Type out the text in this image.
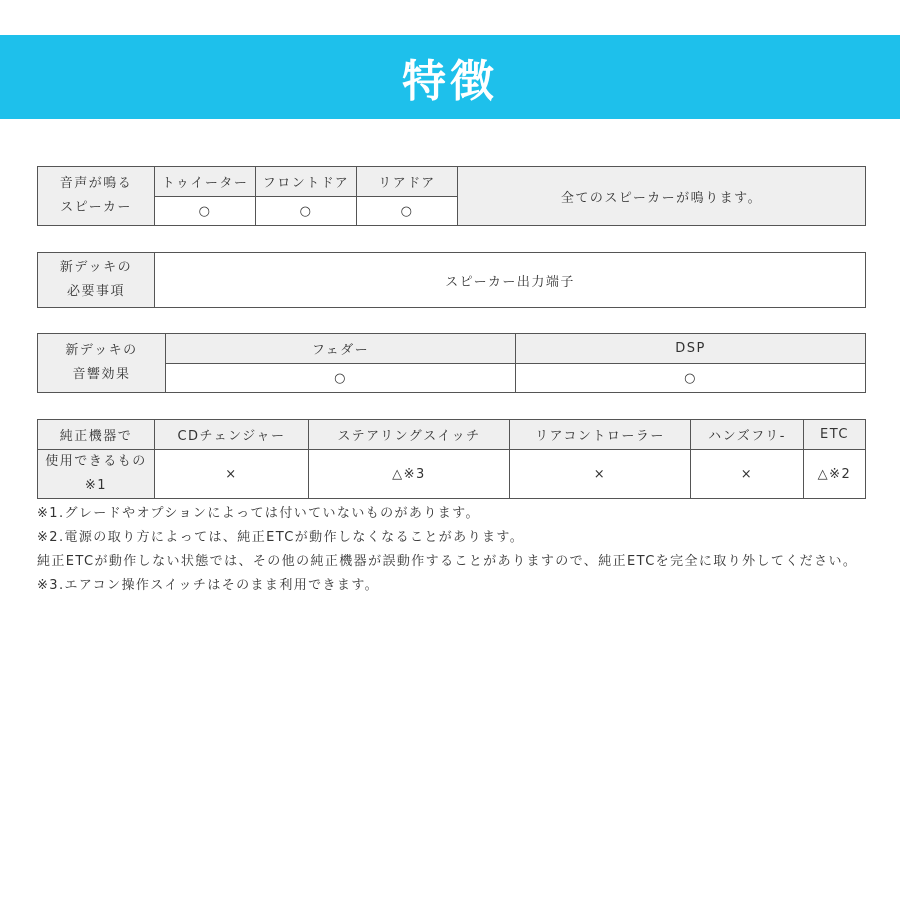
特徴
音声が鳴る
スピーカー	トゥイーター	フロントドア	リアドア	全てのスピーカーが鳴ります。
	○	○	○	
新デッキの
必要事項	スピーカー出力端子
新デッキの
音響効果	フェダー	DSP
	○	○
純正機器で	CDチェンジャー	ステアリングスイッチ	リアコントローラー	ハンズフリ-	ETC
使用できるもの
※1	×	△※3	×	×	△※2

※1.グレードやオプションによっては付いていないものがあります。

※2.電源の取り方によっては、純正ETCが動作しなくなることがあります。

純正ETCが動作しない状態では、その他の純正機器が誤動作することがありますので、純正ETCを完全に取り外してください。

※3.エアコン操作スイッチはそのまま利用できます。
